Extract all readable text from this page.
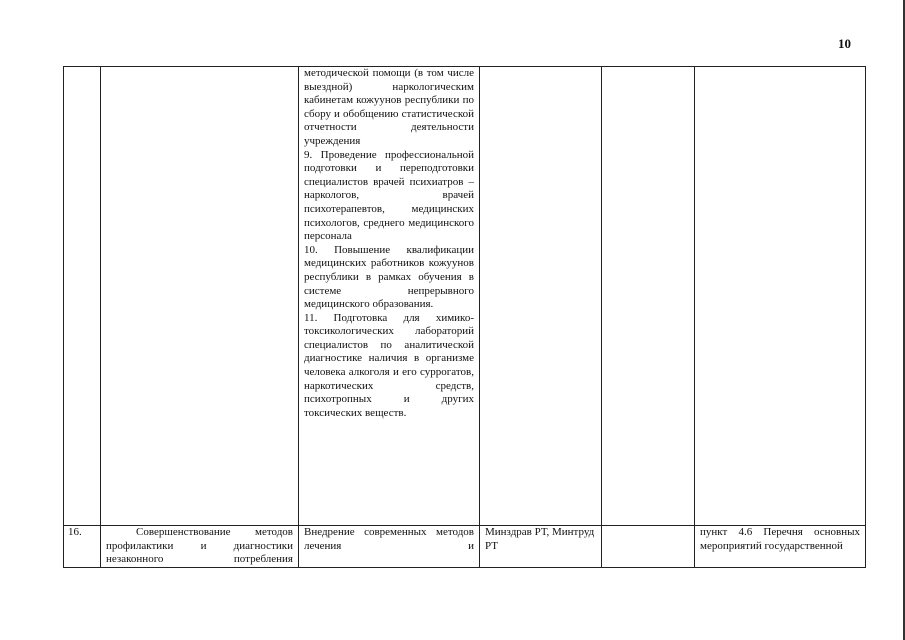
10

		методической помощи (в том числе выездной) наркологическим кабинетам кожуунов республики по сбору и обобщению статистической отчетности деятельности учреждения

9. Проведение профессиональной подготовки и переподготовки специалистов врачей психиатров – наркологов, врачей психотерапевтов, медицинских психологов, среднего медицинского персонала

10. Повышение квалификации медицинских работников кожуунов республики в рамках обучения в системе непрерывного медицинского образования.

11. Подготовка для химико-токсикологических лабораторий специалистов по аналитической диагностике наличия в организме человека алкоголя и его суррогатов, наркотических средств, психотропных и других токсических веществ.			

16.	Совершенствование методов профилактики и диагностики незаконного потребления	Внедрение современных методов лечения и	Минздрав РТ, Минтруд РТ		пункт 4.6 Перечня основных мероприятий государственной
